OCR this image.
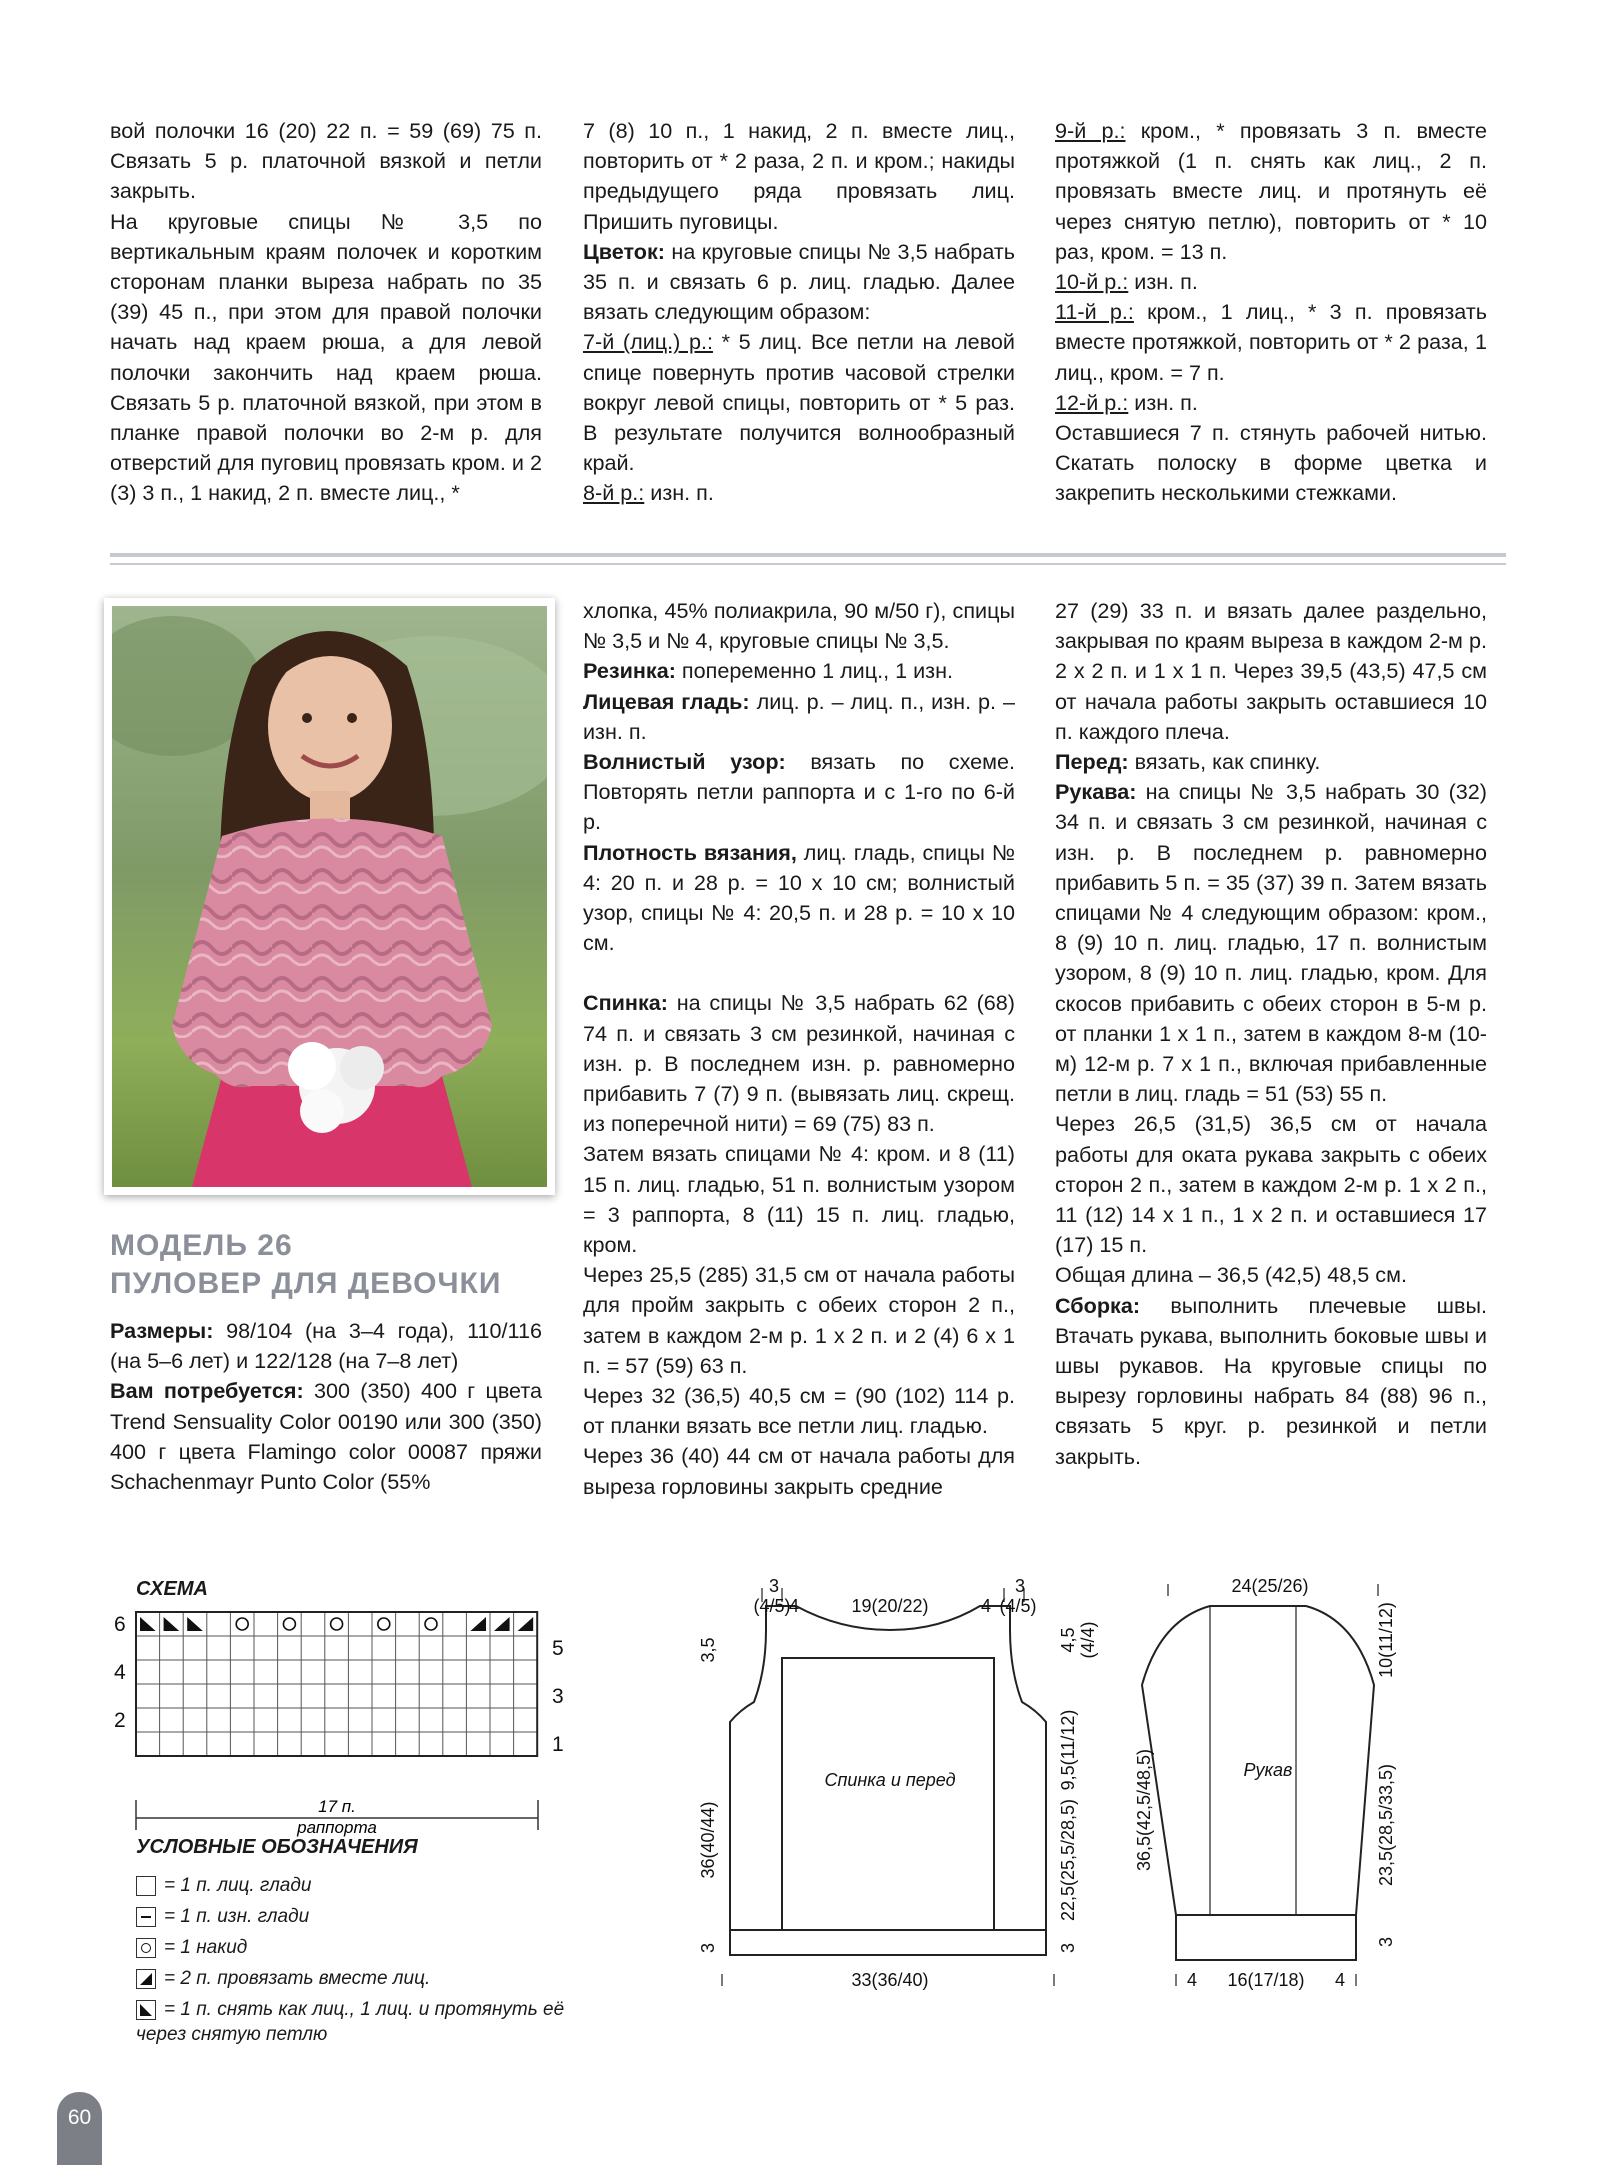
вой полочки 16 (20) 22 п. = 59 (69) 75 п. Связать 5 р. платочной вязкой и петли закрыть.

На круговые спицы № 3,5 по вертикальным краям полочек и коротким сторонам планки выреза набрать по 35 (39) 45 п., при этом для правой полочки начать над краем рюша, а для левой полочки закончить над краем рюша. Связать 5 р. платочной вязкой, при этом в планке правой полочки во 2-м р. для отверстий для пуговиц провязать кром. и 2 (3) 3 п., 1 накид, 2 п. вместе лиц., *

7 (8) 10 п., 1 накид, 2 п. вместе лиц., повторить от * 2 раза, 2 п. и кром.; накиды предыдущего ряда провязать лиц. Пришить пуговицы.

Цветок: на круговые спицы № 3,5 набрать 35 п. и связать 6 р. лиц. гладью. Далее вязать следующим образом:

7-й (лиц.) р.: * 5 лиц. Все петли на левой спице повернуть против часовой стрелки вокруг левой спицы, повторить от * 5 раз. В результате получится волнообразный край.

8-й р.: изн. п.

9-й р.: кром., * провязать 3 п. вместе протяжкой (1 п. снять как лиц., 2 п. провязать вместе лиц. и протянуть её через снятую петлю), повторить от * 10 раз, кром. = 13 п.

10-й р.: изн. п.

11-й р.: кром., 1 лиц., * 3 п. провязать вместе протяжкой, повторить от * 2 раза, 1 лиц., кром. = 7 п.

12-й р.: изн. п.

Оставшиеся 7 п. стянуть рабочей нитью. Скатать полоску в форме цветка и закрепить несколькими стежками.

МОДЕЛЬ 26
ПУЛОВЕР ДЛЯ ДЕВОЧКИ

Размеры: 98/104 (на 3–4 года), 110/116 (на 5–6 лет) и 122/128 (на 7–8 лет)

Вам потребуется: 300 (350) 400 г цвета Trend Sensuality Color 00190 или 300 (350) 400 г цвета Flamingo color 00087 пряжи Schachenmayr Punto Color (55%

хлопка, 45% полиакрила, 90 м/50 г), спицы № 3,5 и № 4, круговые спицы № 3,5.

Резинка: попеременно 1 лиц., 1 изн.

Лицевая гладь: лиц. р. – лиц. п., изн. р. – изн. п.

Волнистый узор: вязать по схеме. Повторять петли раппорта и с 1-го по 6-й р.

Плотность вязания, лиц. гладь, спицы № 4: 20 п. и 28 р. = 10 х 10 см; волнистый узор, спицы № 4: 20,5 п. и 28 р. = 10 х 10 см.

Спинка: на спицы № 3,5 набрать 62 (68) 74 п. и связать 3 см резинкой, начиная с изн. р. В последнем изн. р. равномерно прибавить 7 (7) 9 п. (вывязать лиц. скрещ. из поперечной нити) = 69 (75) 83 п.

Затем вязать спицами № 4: кром. и 8 (11) 15 п. лиц. гладью, 51 п. волнистым узором = 3 раппорта, 8 (11) 15 п. лиц. гладью, кром.

Через 25,5 (285) 31,5 см от начала работы для пройм закрыть с обеих сторон 2 п., затем в каждом 2-м р. 1 х 2 п. и 2 (4) 6 х 1 п. = 57 (59) 63 п.

Через 32 (36,5) 40,5 см = (90 (102) 114 р. от планки вязать все петли лиц. гладью.

Через 36 (40) 44 см от начала работы для выреза горловины закрыть средние

27 (29) 33 п. и вязать далее раздельно, закрывая по краям выреза в каждом 2-м р. 2 х 2 п. и 1 х 1 п. Через 39,5 (43,5) 47,5 см от начала работы закрыть оставшиеся 10 п. каждого плеча.

Перед: вязать, как спинку.

Рукава: на спицы № 3,5 набрать 30 (32) 34 п. и связать 3 см резинкой, начиная с изн. р. В последнем р. равномерно прибавить 5 п. = 35 (37) 39 п. Затем вязать спицами № 4 следующим образом: кром., 8 (9) 10 п. лиц. гладью, 17 п. волнистым узором, 8 (9) 10 п. лиц. гладью, кром. Для скосов прибавить с обеих сторон в 5-м р. от планки 1 х 1 п., затем в каждом 8-м (10-м) 12-м р. 7 х 1 п., включая прибавленные петли в лиц. гладь = 51 (53) 55 п.

Через 26,5 (31,5) 36,5 см от начала работы для оката рукава закрыть с обеих сторон 2 п., затем в каждом 2-м р. 1 х 2 п., 11 (12) 14 х 1 п., 1 х 2 п. и оставшиеся 17 (17) 15 п.

Общая длина – 36,5 (42,5) 48,5 см.

Сборка: выполнить плечевые швы. Втачать рукава, выполнить боковые швы и швы рукавов. На круговые спицы по вырезу горловины набрать 84 (88) 96 п., связать 5 круг. р. резинкой и петли закрыть.

СХЕМА
6
4
2
5
3
1
17 п.
раппорта
УСЛОВНЫЕ ОБОЗНАЧЕНИЯ
= 1 п. лиц. глади
= 1 п. изн. глади
= 1 накид
= 2 п. провязать вместе лиц.
= 1 п. снять как лиц., 1 лиц. и протянуть её
через снятую петлю
3
(4/5)
4	19(20/22)	4
3
(4/5)
3,5	4,5 (4/4)
9,5(11/12)
36(40/44)	22,5(25,5/28,5)
Спинка и перед
3	3
33(36/40)
24(25/26)
10(11/12)
36,5(42,5/48,5)	23,5(28,5/33,5)
Рукав
3
4 16(17/18) 4
60
